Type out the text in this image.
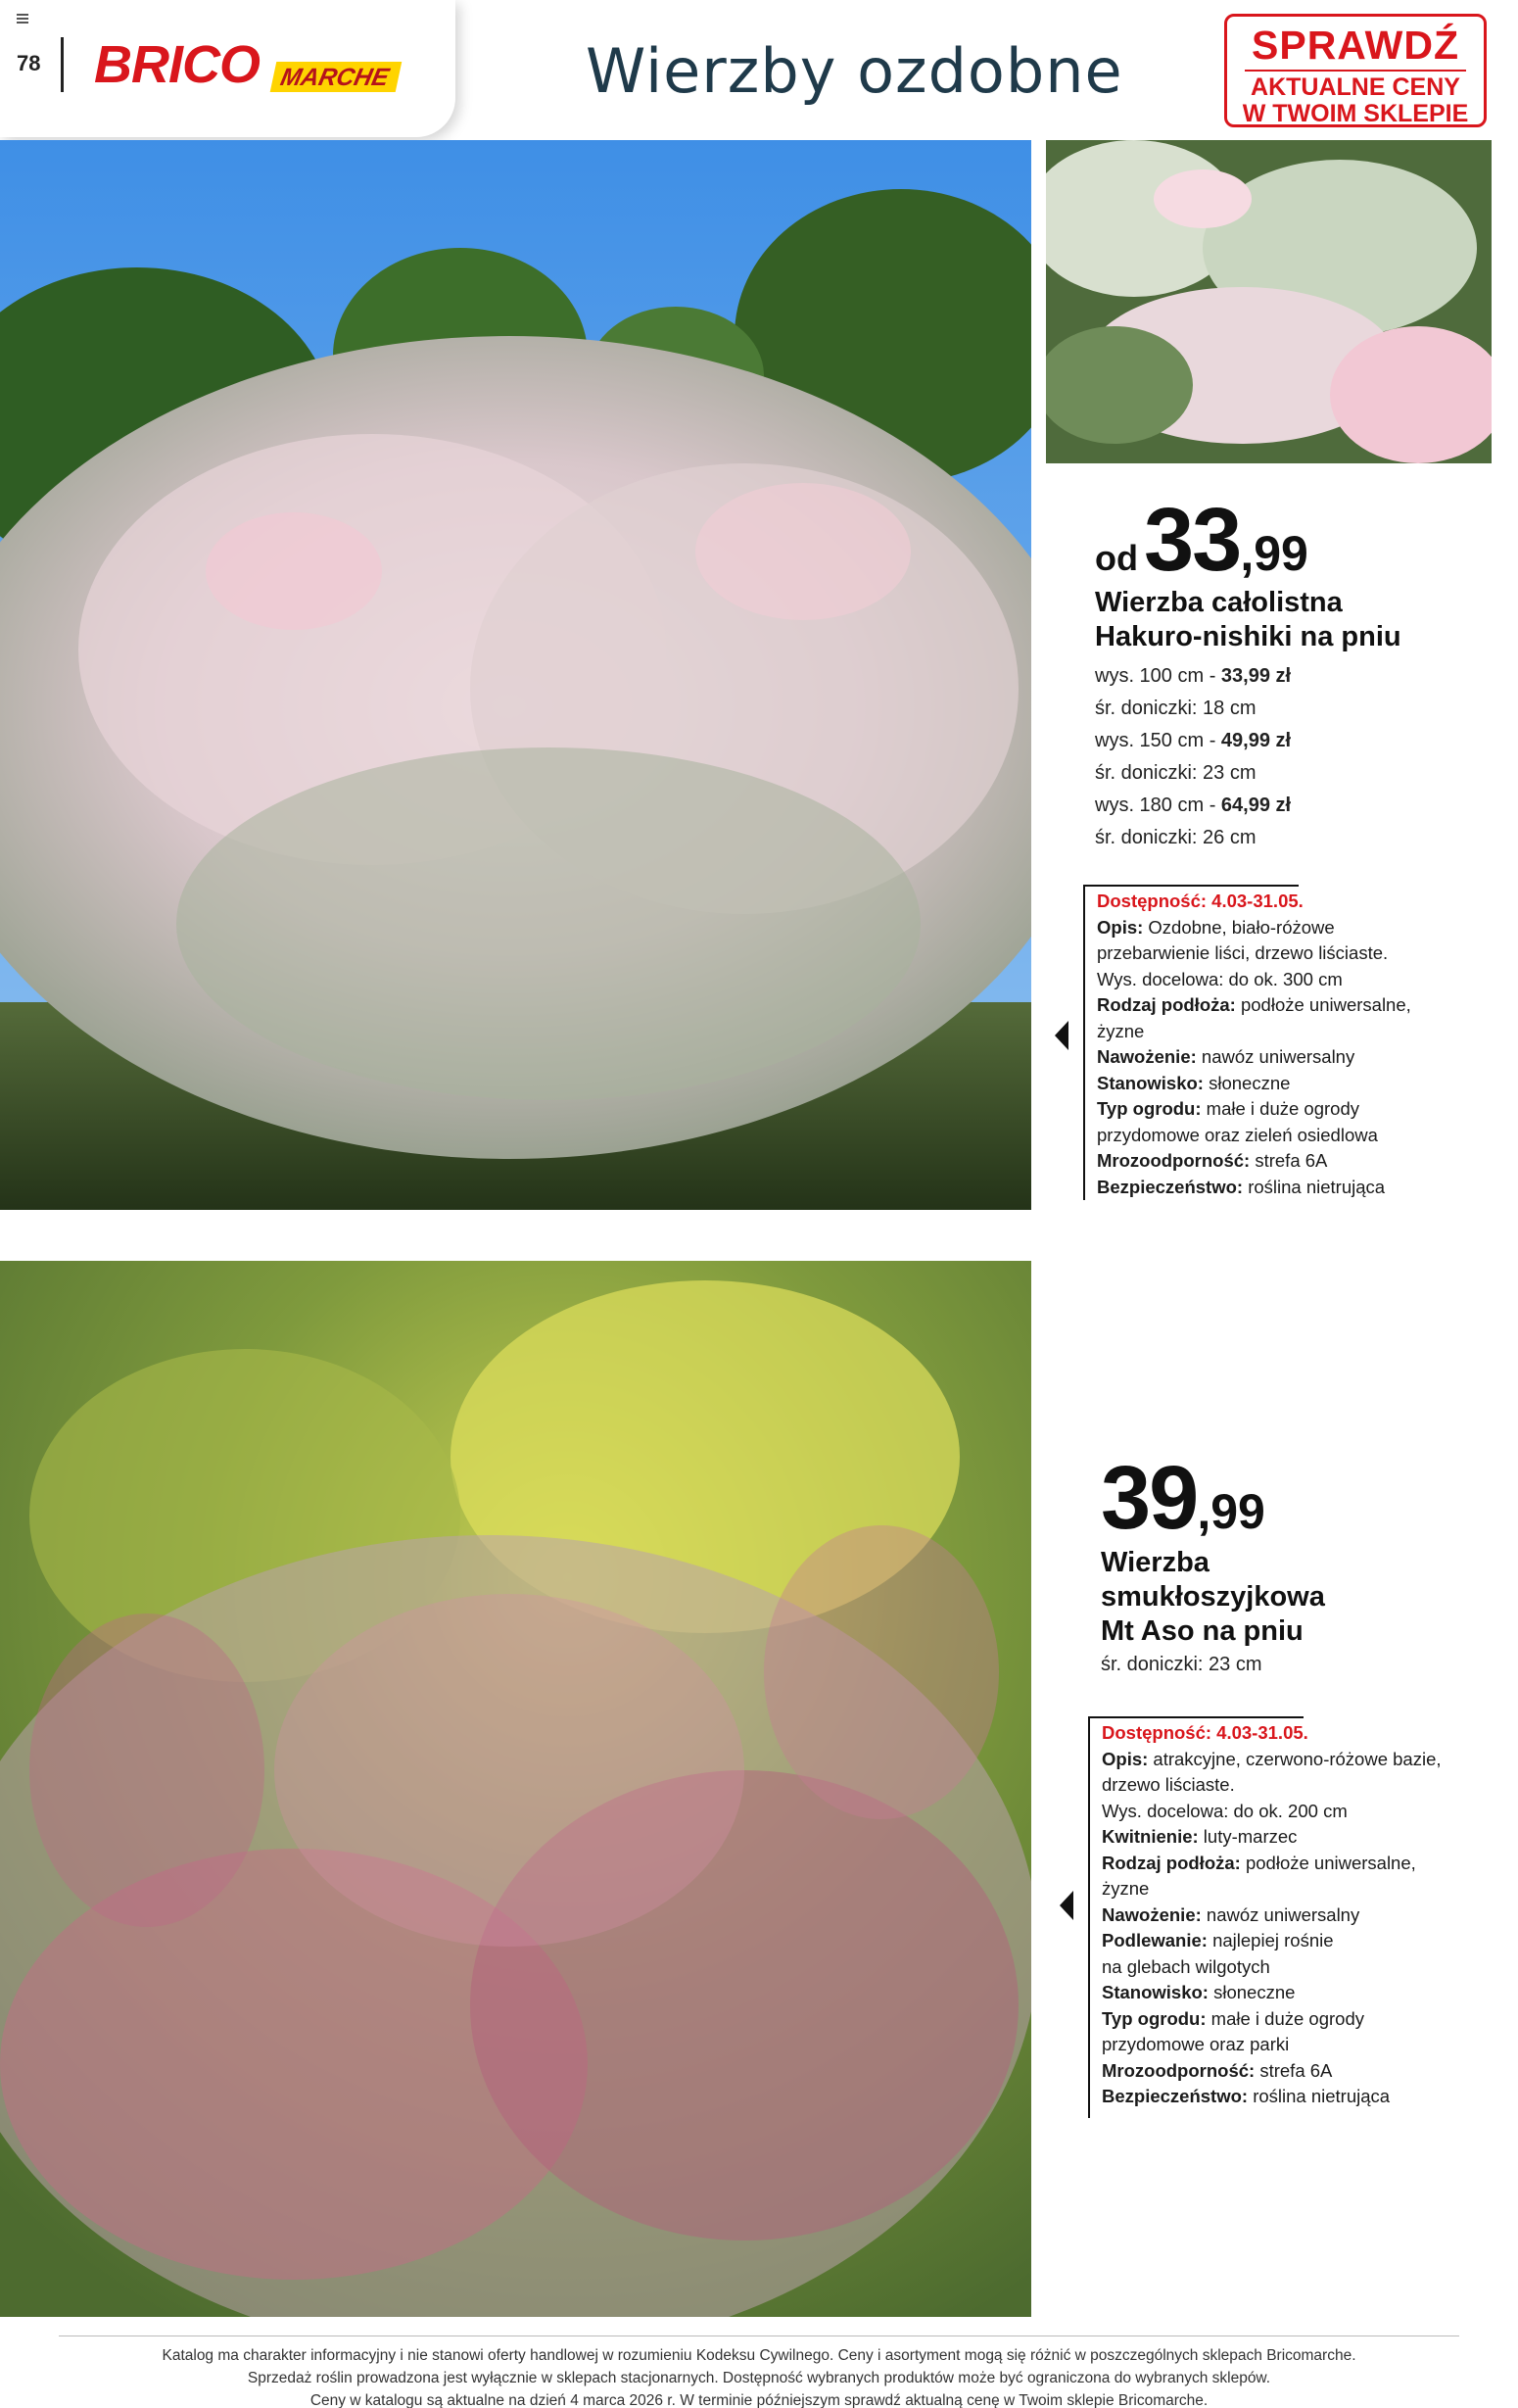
78 BRICO MARCHE	Wierzby ozdobne	SPRAWDŹ
AKTUALNE CENY
W TWOIM SKLEPIE
od33,99
Wierzba całolistna
Hakuro-nishiki na pniu
wys. 100 cm - 33,99 zł
śr. doniczki: 18 cm
wys. 150 cm - 49,99 zł
śr. doniczki: 23 cm
wys. 180 cm - 64,99 zł
śr. doniczki: 26 cm
Dostępność: 4.03-31.05.
Opis: Ozdobne, biało-różowe
przebarwienie liści, drzewo liściaste.
Wys. docelowa: do ok. 300 cm
Rodzaj podłoża: podłoże uniwersalne,
żyzne
Nawożenie: nawóz uniwersalny
Stanowisko: słoneczne
Typ ogrodu: małe i duże ogrody
przydomowe oraz zieleń osiedlowa
Mrozoodporność: strefa 6A
Bezpieczeństwo: roślina nietrująca
39,99
Wierzba
smukłoszyjkowa
Mt Aso na pniu
śr. doniczki: 23 cm
Dostępność: 4.03-31.05.
Opis: atrakcyjne, czerwono-różowe bazie,
drzewo liściaste.
Wys. docelowa: do ok. 200 cm
Kwitnienie: luty-marzec
Rodzaj podłoża: podłoże uniwersalne,
żyzne
Nawożenie: nawóz uniwersalny
Podlewanie: najlepiej rośnie
na glebach wilgotych
Stanowisko: słoneczne
Typ ogrodu: małe i duże ogrody
przydomowe oraz parki
Mrozoodporność: strefa 6A
Bezpieczeństwo: roślina nietrująca
Katalog ma charakter informacyjny i nie stanowi oferty handlowej w rozumieniu Kodeksu Cywilnego. Ceny i asortyment mogą się różnić w poszczególnych sklepach Bricomarche.
Sprzedaż roślin prowadzona jest wyłącznie w sklepach stacjonarnych. Dostępność wybranych produktów może być ograniczona do wybranych sklepów.
Ceny w katalogu są aktualne na dzień 4 marca 2026 r. W terminie późniejszym sprawdź aktualną cenę w Twoim sklepie Bricomarche.
